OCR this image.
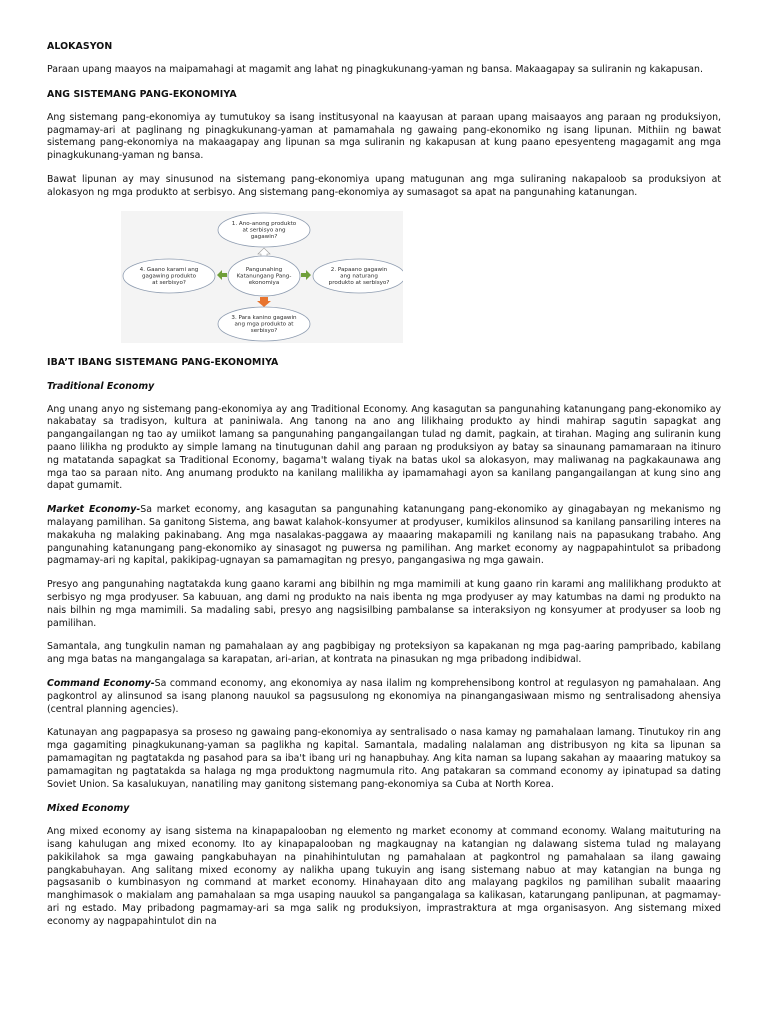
ALOKASYON

Paraan upang maayos na maipamahagi at magamit ang lahat ng pinagkukunang-yaman ng bansa. Makaagapay sa suliranin ng kakapusan.

ANG SISTEMANG PANG-EKONOMIYA

Ang sistemang pang-ekonomiya ay tumutukoy sa isang institusyonal na kaayusan at paraan upang maisaayos ang paraan ng produksiyon, pagmamay-ari at paglinang ng pinagkukunang-yaman at pamamahala ng gawaing pang-ekonomiko ng isang lipunan. Mithiin ng bawat sistemang pang-ekonomiya na makaagapay ang lipunan sa mga suliranin ng kakapusan at kung paano epesyenteng magagamit ang mga pinagkukunang-yaman ng bansa.

Bawat lipunan ay may sinusunod na sistemang pang-ekonomiya upang matugunan ang mga suliraning nakapaloob sa produksiyon at alokasyon ng mga produkto at serbisyo. Ang sistemang pang-ekonomiya ay sumasagot sa apat na pangunahing katanungan.

1. Ano-anong produkto
at serbisyo ang
gagawin?
Pangunahing
Katanungang Pang-
ekonomiya
4. Gaano karami ang
gagawing produkto
at serbisyo?
2. Papaano gagawin
ang naturang
produkto at serbisyo?
3. Para kanino gagawin
ang mga produkto at
serbisyo?
IBA’T IBANG SISTEMANG PANG-EKONOMIYA
Traditional Economy

Ang unang anyo ng sistemang pang-ekonomiya ay ang Traditional Economy. Ang kasagutan sa pangunahing katanungang pang-ekonomiko ay nakabatay sa tradisyon, kultura at paniniwala. Ang tanong na ano ang lilikhaing produkto ay hindi mahirap sagutin sapagkat ang pangangailangan ng tao ay umiikot lamang sa pangunahing pangangailangan tulad ng damit, pagkain, at tirahan. Maging ang suliranin kung paano lilikha ng produkto ay simple lamang na tinutugunan dahil ang paraan ng produksiyon ay batay sa sinaunang pamamaraan na itinuro ng matatanda sapagkat sa Traditional Economy, bagama't walang tiyak na batas ukol sa alokasyon, may maliwanag na pagkakaunawa ang mga tao sa paraan nito. Ang anumang produkto na kanilang malilikha ay ipamamahagi ayon sa kanilang pangangailangan at kung sino ang dapat gumamit.

Market Economy-Sa market economy, ang kasagutan sa pangunahing katanungang pang-ekonomiko ay ginagabayan ng mekanismo ng malayang pamilihan. Sa ganitong Sistema, ang bawat kalahok-konsyumer at prodyuser, kumikilos alinsunod sa kanilang pansariling interes na makakuha ng malaking pakinabang. Ang mga nasalakas-paggawa ay maaaring makapamili ng kanilang nais na papasukang trabaho. Ang pangunahing katanungang pang-ekonomiko ay sinasagot ng puwersa ng pamilihan. Ang market economy ay nagpapahintulot sa pribadong pagmamay-ari ng kapital, pakikipag-ugnayan sa pamamagitan ng presyo, pangangasiwa ng mga gawain.

Presyo ang pangunahing nagtatakda kung gaano karami ang bibilhin ng mga mamimili at kung gaano rin karami ang malilikhang produkto at serbisyo ng mga prodyuser. Sa kabuuan, ang dami ng produkto na nais ibenta ng mga prodyuser ay may katumbas na dami ng produkto na nais bilhin ng mga mamimili. Sa madaling sabi, presyo ang nagsisilbing pambalanse sa interaksiyon ng konsyumer at prodyuser sa loob ng pamilihan.

Samantala, ang tungkulin naman ng pamahalaan ay ang pagbibigay ng proteksiyon sa kapakanan ng mga pag-aaring pampribado, kabilang ang mga batas na mangangalaga sa karapatan, ari-arian, at kontrata na pinasukan ng mga pribadong indibidwal.

Command Economy-Sa command economy, ang ekonomiya ay nasa ilalim ng komprehensibong kontrol at regulasyon ng pamahalaan. Ang pagkontrol ay alinsunod sa isang planong nauukol sa pagsusulong ng ekonomiya na pinangangasiwaan mismo ng sentralisadong ahensiya (central planning agencies).

Katunayan ang pagpapasya sa proseso ng gawaing pang-ekonomiya ay sentralisado o nasa kamay ng pamahalaan lamang. Tinutukoy rin ang mga gagamiting pinagkukunang-yaman sa paglikha ng kapital. Samantala, madaling nalalaman ang distribusyon ng kita sa lipunan sa pamamagitan ng pagtatakda ng pasahod para sa iba't ibang uri ng hanapbuhay. Ang kita naman sa lupang sakahan ay maaaring matukoy sa pamamagitan ng pagtatakda sa halaga ng mga produktong nagmumula rito. Ang patakaran sa command economy ay ipinatupad sa dating Soviet Union. Sa kasalukuyan, nanatiling may ganitong sistemang pang-ekonomiya sa Cuba at North Korea.

Mixed Economy

Ang mixed economy ay isang sistema na kinapapalooban ng elemento ng market economy at command economy. Walang maituturing na isang kahulugan ang mixed economy. Ito ay kinapapalooban ng magkaugnay na katangian ng dalawang sistema tulad ng malayang pakikilahok sa mga gawaing pangkabuhayan na pinahihintulutan ng pamahalaan at pagkontrol ng pamahalaan sa ilang gawaing pangkabuhayan. Ang salitang mixed economy ay nalikha upang tukuyin ang isang sistemang nabuo at may katangian na bunga ng pagsasanib o kumbinasyon ng command at market economy. Hinahayaan dito ang malayang pagkilos ng pamilihan subalit maaaring manghimasok o makialam ang pamahalaan sa mga usaping nauukol sa pangangalaga sa kalikasan, katarungang panlipunan, at pagmamay-ari ng estado. May pribadong pagmamay-ari sa mga salik ng produksiyon, imprastraktura at mga organisasyon. Ang sistemang mixed economy ay nagpapahintulot din na
